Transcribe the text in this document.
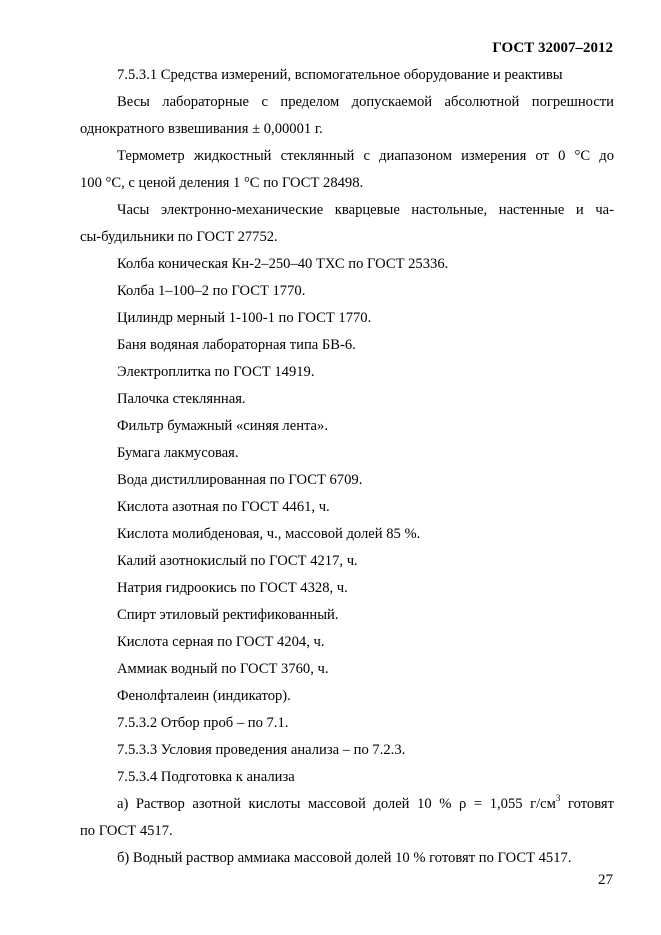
ГОСТ 32007–2012

7.5.3.1 Средства измерений, вспомогательное оборудование и реактивы

Весы лабораторные с пределом допускаемой абсолютной погрешности

однократного взвешивания ± 0,00001 г.

Термометр жидкостный стеклянный с диапазоном измерения от 0 °С до

100 °С, с ценой деления 1 °С по ГОСТ 28498.

Часы электронно-механические кварцевые настольные, настенные и ча-

сы-будильники по ГОСТ 27752.

Колба коническая Кн-2–250–40 ТХС по ГОСТ 25336.

Колба 1–100–2 по ГОСТ 1770.

Цилиндр мерный 1-100-1 по ГОСТ 1770.

Баня водяная лабораторная типа БВ-6.

Электроплитка по ГОСТ 14919.

Палочка стеклянная.

Фильтр бумажный «синяя лента».

Бумага лакмусовая.

Вода дистиллированная по ГОСТ 6709.

Кислота азотная по ГОСТ 4461, ч.

Кислота молибденовая, ч., массовой долей 85 %.

Калий азотнокислый по ГОСТ 4217, ч.

Натрия гидроокись по ГОСТ 4328, ч.

Спирт этиловый ректификованный.

Кислота серная по ГОСТ 4204, ч.

Аммиак водный по ГОСТ 3760, ч.

Фенолфталеин (индикатор).

7.5.3.2 Отбор проб – по 7.1.

7.5.3.3 Условия проведения анализа – по 7.2.3.

7.5.3.4 Подготовка к анализа

а) Раствор азотной кислоты массовой долей 10 % ρ = 1,055 $г/см^3$ готовят

по ГОСТ 4517.

б) Водный раствор аммиака массовой долей 10 % готовят по ГОСТ 4517.

27
